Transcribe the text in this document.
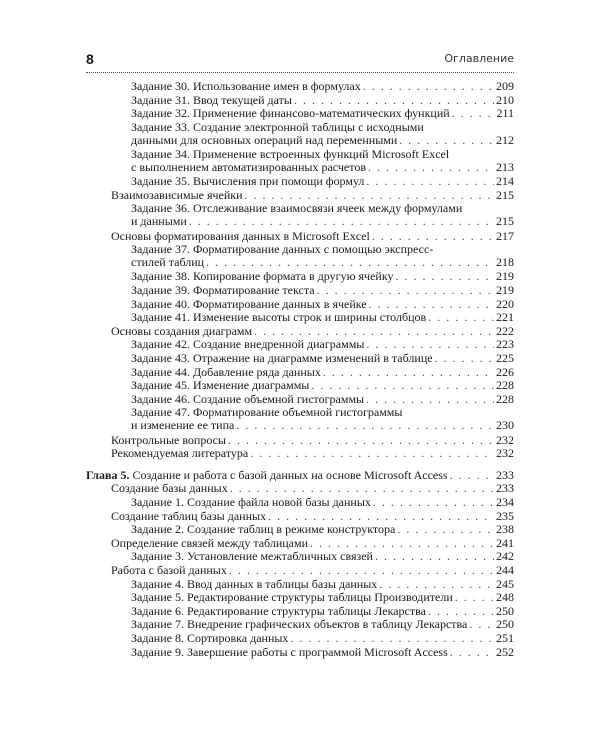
8	Оглавление
Задание 30. Использование имен в формулах . . .	209
Задание 31. Ввод текущей даты . . .	210
Задание 32. Применение финансово-математических функций . . .	211
Задание 33. Создание электронной таблицы с исходными
данными для основных операций над переменными . . .	212
Задание 34. Применение встроенных функций Microsoft Excel
с выполнением автоматизированных расчетов . . .	213
Задание 35. Вычисления при помощи формул . . .	214
Взаимозависимые ячейки . . .	215
Задание 36. Отслеживание взаимосвязи ячеек между формулами
и данными . . .	215
Основы форматирования данных в Microsoft Excel . . .	217
Задание 37. Форматирование данных с помощью экспресс-
стилей таблиц . . .	218
Задание 38. Копирование формата в другую ячейку . . .	219
Задание 39. Форматирование текста . . .	219
Задание 40. Форматирование данных в ячейке . . .	220
Задание 41. Изменение высоты строк и ширины столбцов . . .	221
Основы создания диаграмм . . .	222
Задание 42. Создание внедренной диаграммы . . .	223
Задание 43. Отражение на диаграмме изменений в таблице . . .	225
Задание 44. Добавление ряда данных . . .	226
Задание 45. Изменение диаграммы . . .	228
Задание 46. Создание объемной гистограммы . . .	228
Задание 47. Форматирование объемной гистограммы
и изменение ее типа . . .	230
Контрольные вопросы . . .	232
Рекомендуемая литература . . .	232
Глава 5. Создание и работа с базой данных на основе Microsoft Access . . .	233
Создание базы данных . . .	233
Задание 1. Создание файла новой базы данных . . .	234
Создание таблиц базы данных . . .	235
Задание 2. Создание таблиц в режиме конструктора . . .	238
Определение связей между таблицами . . .	241
Задание 3. Установление межтабличных связей . . .	242
Работа с базой данных . . .	244
Задание 4. Ввод данных в таблицы базы данных . . .	245
Задание 5. Редактирование структуры таблицы Производители . . .	248
Задание 6. Редактирование структуры таблицы Лекарства . . .	250
Задание 7. Внедрение графических объектов в таблицу Лекарства . . . 250
Задание 8. Сортировка данных . . .	251
Задание 9. Завершение работы с программой Microsoft Access . . .	252
